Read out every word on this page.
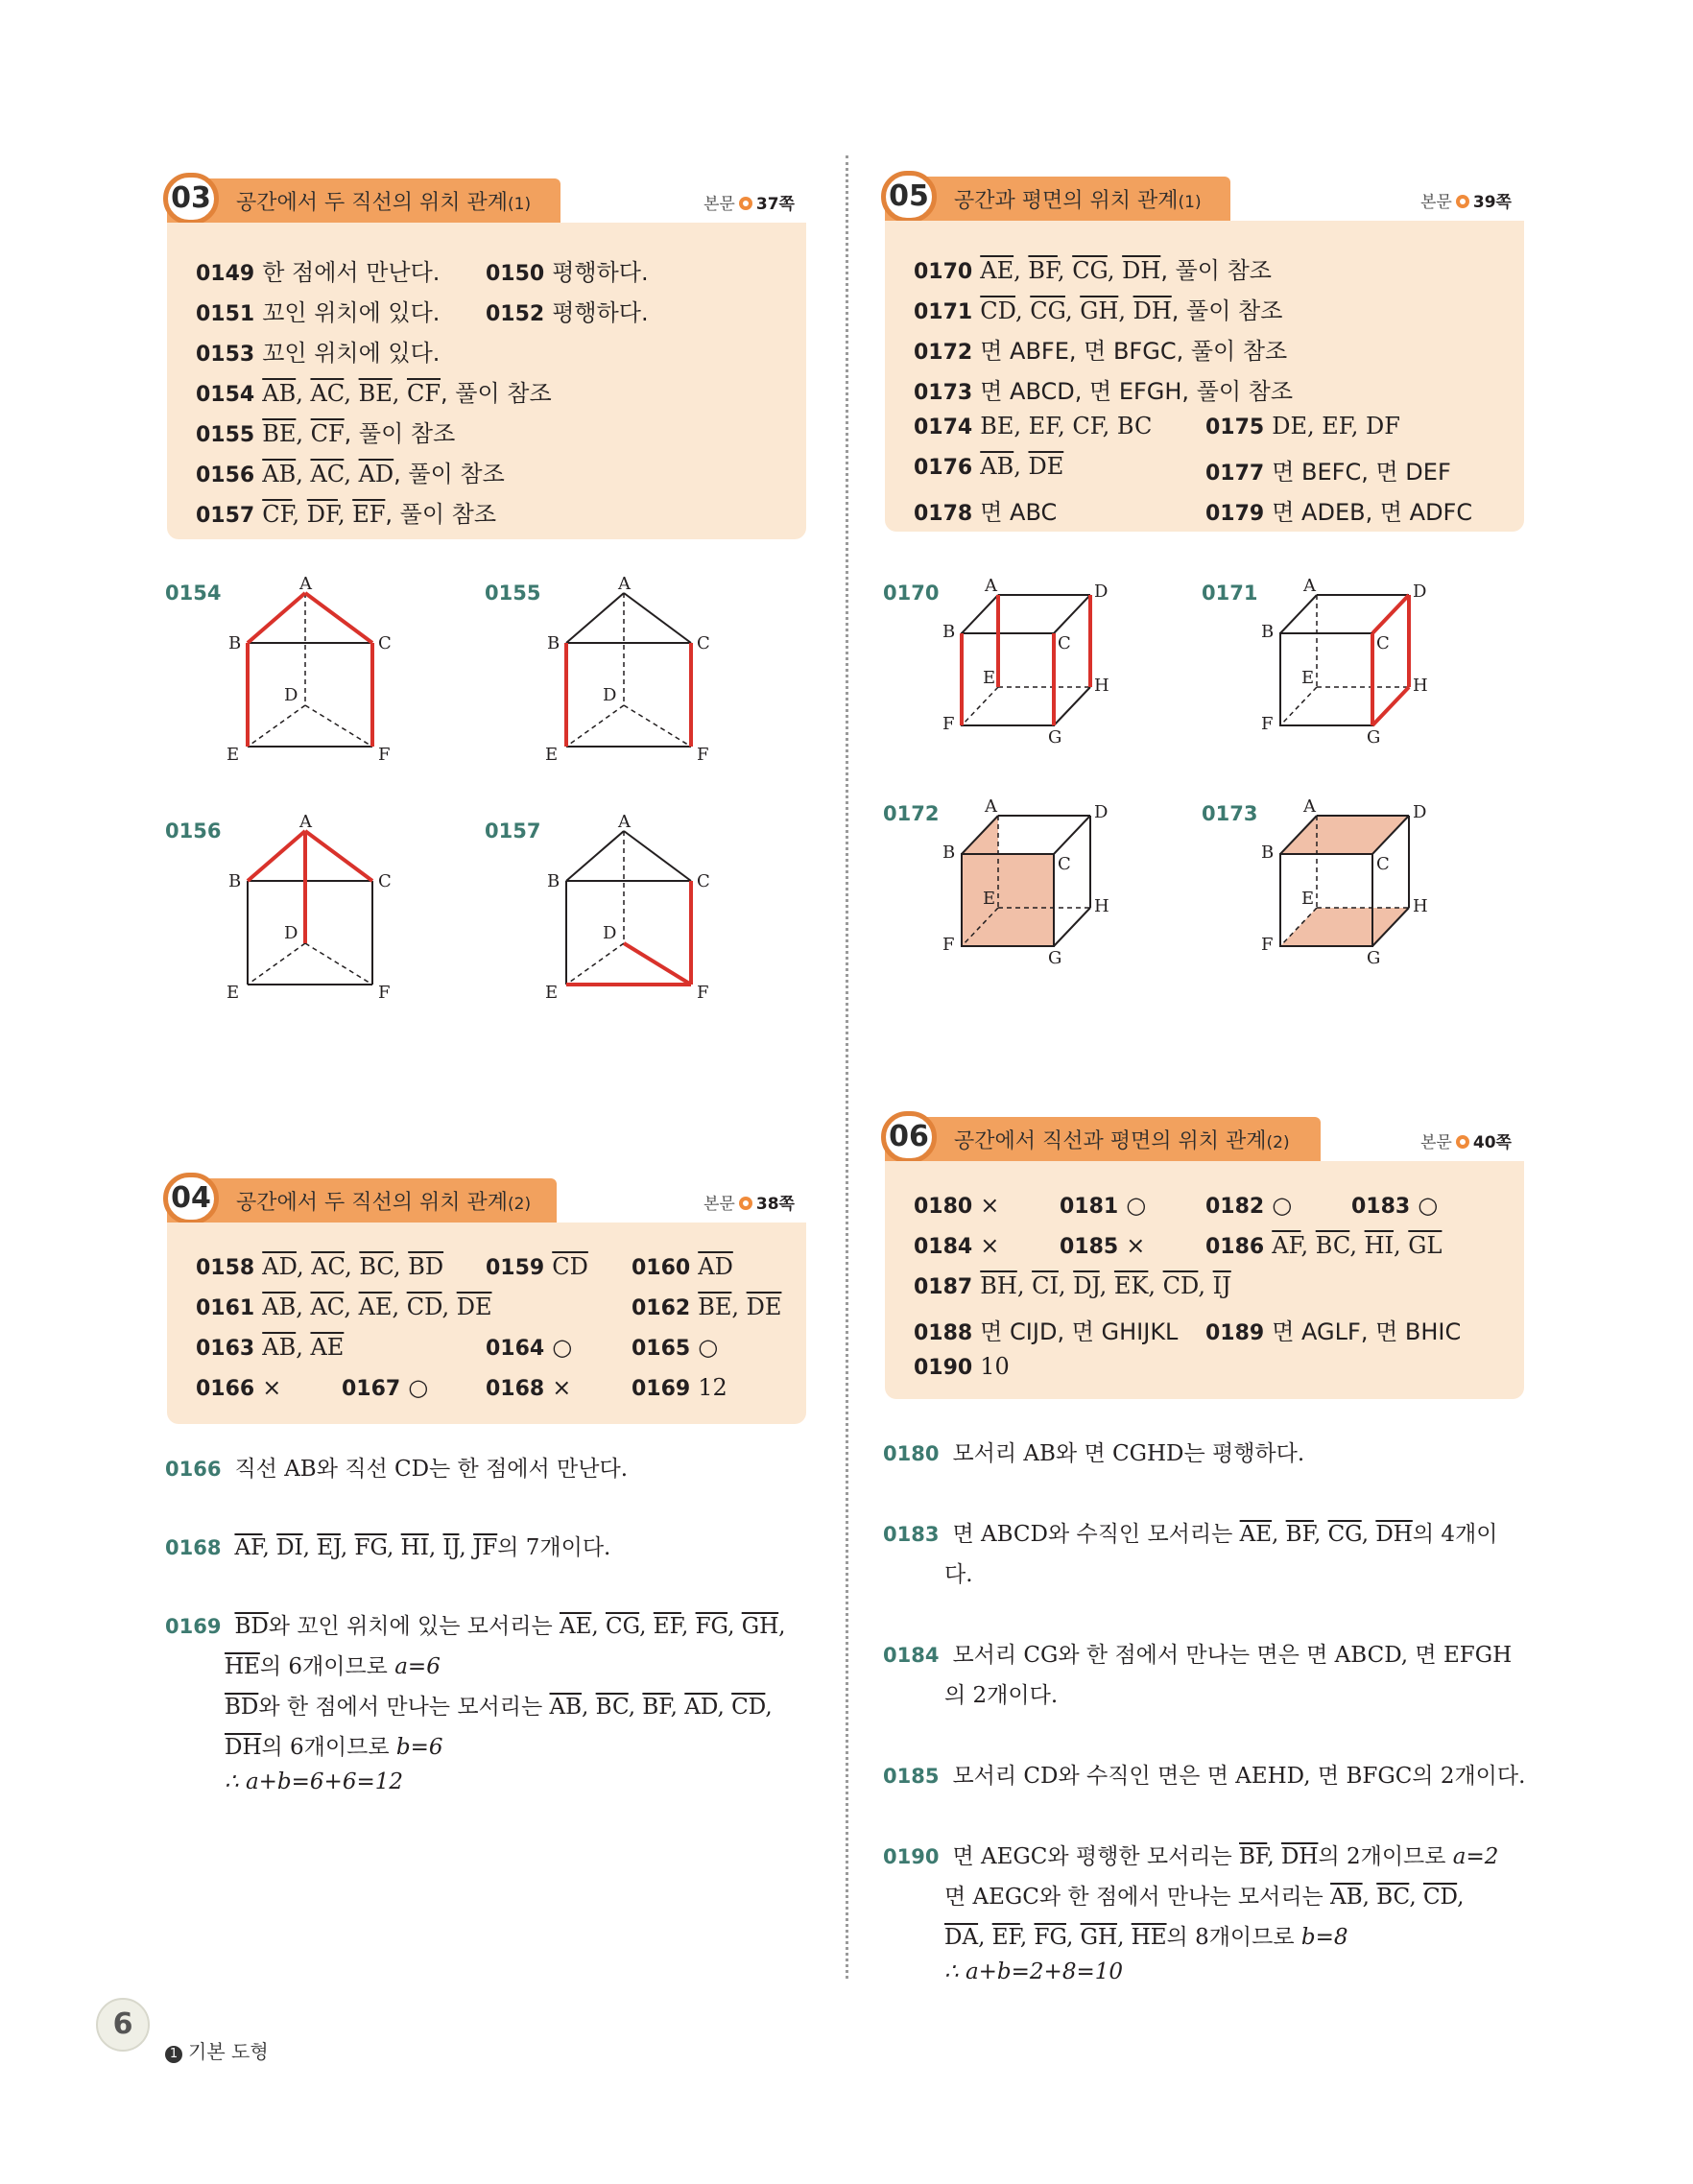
03	공간에서 두 직선의 위치 관계(1)	본문 37쪽
0149 한 점에서 만난다. 0150 평행하다.
0151 꼬인 위치에 있다. 0152 평행하다.
0153 꼬인 위치에 있다.
0154 $\overline{AB}$, $\overline{AC}$, $\overline{BE}$, $\overline{CF}$, 풀이 참조
0155 $\overline{BE}$, $\overline{CF}$, 풀이 참조
0156 $\overline{AB}$, $\overline{AC}$, $\overline{AD}$, 풀이 참조
0157 $\overline{CF}$, $\overline{DF}$, $\overline{EF}$, 풀이 참조
0154	A
B	C
D
E	F
0155	A
B	C
D
E	F
0156	A
B	C
D
E	F
0157	A
B	C
D
E	F
04	공간에서 두 직선의 위치 관계(2)	본문 38쪽
0158 $\overline{AD}$, $\overline{AC}$, $\overline{BC}$, $\overline{BD}$ 0159 $\overline{CD}$ 0160 $\overline{AD}$
0161 $\overline{AB}$, $\overline{AC}$, $\overline{AE}$, $\overline{CD}$, $\overline{DE}$	0162 $\overline{BE}$, $\overline{DE}$
0163 $\overline{AB}$, $\overline{AE}$	0164 ○	0165 ○
0166 ×	0167 ○	0168 ×	0169 12
0166 직선 AB와 직선 CD는 한 점에서 만난다.
0168 $\overline{AF}$, $\overline{DI}$, $\overline{EJ}$, $\overline{FG}$, $\overline{HI}$, $\overline{IJ}$, $\overline{JF}$의 7개이다.
0169 $\overline{BD}$와 꼬인 위치에 있는 모서리는 $\overline{AE}$, $\overline{CG}$, $\overline{EF}$, $\overline{FG}$, $\overline{GH}$,
$\overline{HE}$의 6개이므로 a=6
$\overline{BD}$와 한 점에서 만나는 모서리는 $\overline{AB}$, $\overline{BC}$, $\overline{BF}$, $\overline{AD}$, $\overline{CD}$,
$\overline{DH}$의 6개이므로 b=6
∴ a+b=6+6=12
05	공간과 평면의 위치 관계(1)	본문 39쪽
0170 $\overline{AE}$, $\overline{BF}$, $\overline{CG}$, $\overline{DH}$, 풀이 참조
0171 $\overline{CD}$, $\overline{CG}$, $\overline{GH}$, $\overline{DH}$, 풀이 참조
0172 면 ABFE, 면 BFGC, 풀이 참조
0173 면 ABCD, 면 EFGH, 풀이 참조
0174 BE, EF, CF, BC	0175 DE, EF, DF
0176 $\overline{AB}$, $\overline{DE}$	0177 면 BEFC, 면 DEF
0178 면 ABC	0179 면 ADEB, 면 ADFC
0170	A
B
C
D
E
F
G
H
0171	A
B
C
D
E
F
G
H
0172	A
B
C
D
E
F
G
H
0173	A
B
C
D
E
F
G
H
06	공간에서 직선과 평면의 위치 관계(2)	본문 40쪽
0180 ×	0181 ○	0182 ○	0183 ○
0184 ×	0185 ×	0186 $\overline{AF}$, $\overline{BC}$, $\overline{HI}$, $\overline{GL}$
0187 $\overline{BH}$, $\overline{CI}$, $\overline{DJ}$, $\overline{EK}$, $\overline{CD}$, $\overline{IJ}$
0188 면 CIJD, 면 GHIJKL 0189 면 AGLF, 면 BHIC
0190 10
0180 모서리 AB와 면 CGHD는 평행하다.
0183 면 ABCD와 수직인 모서리는 $\overline{AE}$, $\overline{BF}$, $\overline{CG}$, $\overline{DH}$의 4개이
다.
0184 모서리 CG와 한 점에서 만나는 면은 면 ABCD, 면 EFGH
의 2개이다.
0185 모서리 CD와 수직인 면은 면 AEHD, 면 BFGC의 2개이다.
0190 면 AEGC와 평행한 모서리는 $\overline{BF}$, $\overline{DH}$의 2개이므로 a=2
면 AEGC와 한 점에서 만나는 모서리는 $\overline{AB}$, $\overline{BC}$, $\overline{CD}$,
$\overline{DA}$, $\overline{EF}$, $\overline{FG}$, $\overline{GH}$, $\overline{HE}$의 8개이므로 b=8
∴ a+b=2+8=10
6
1 기본 도형
